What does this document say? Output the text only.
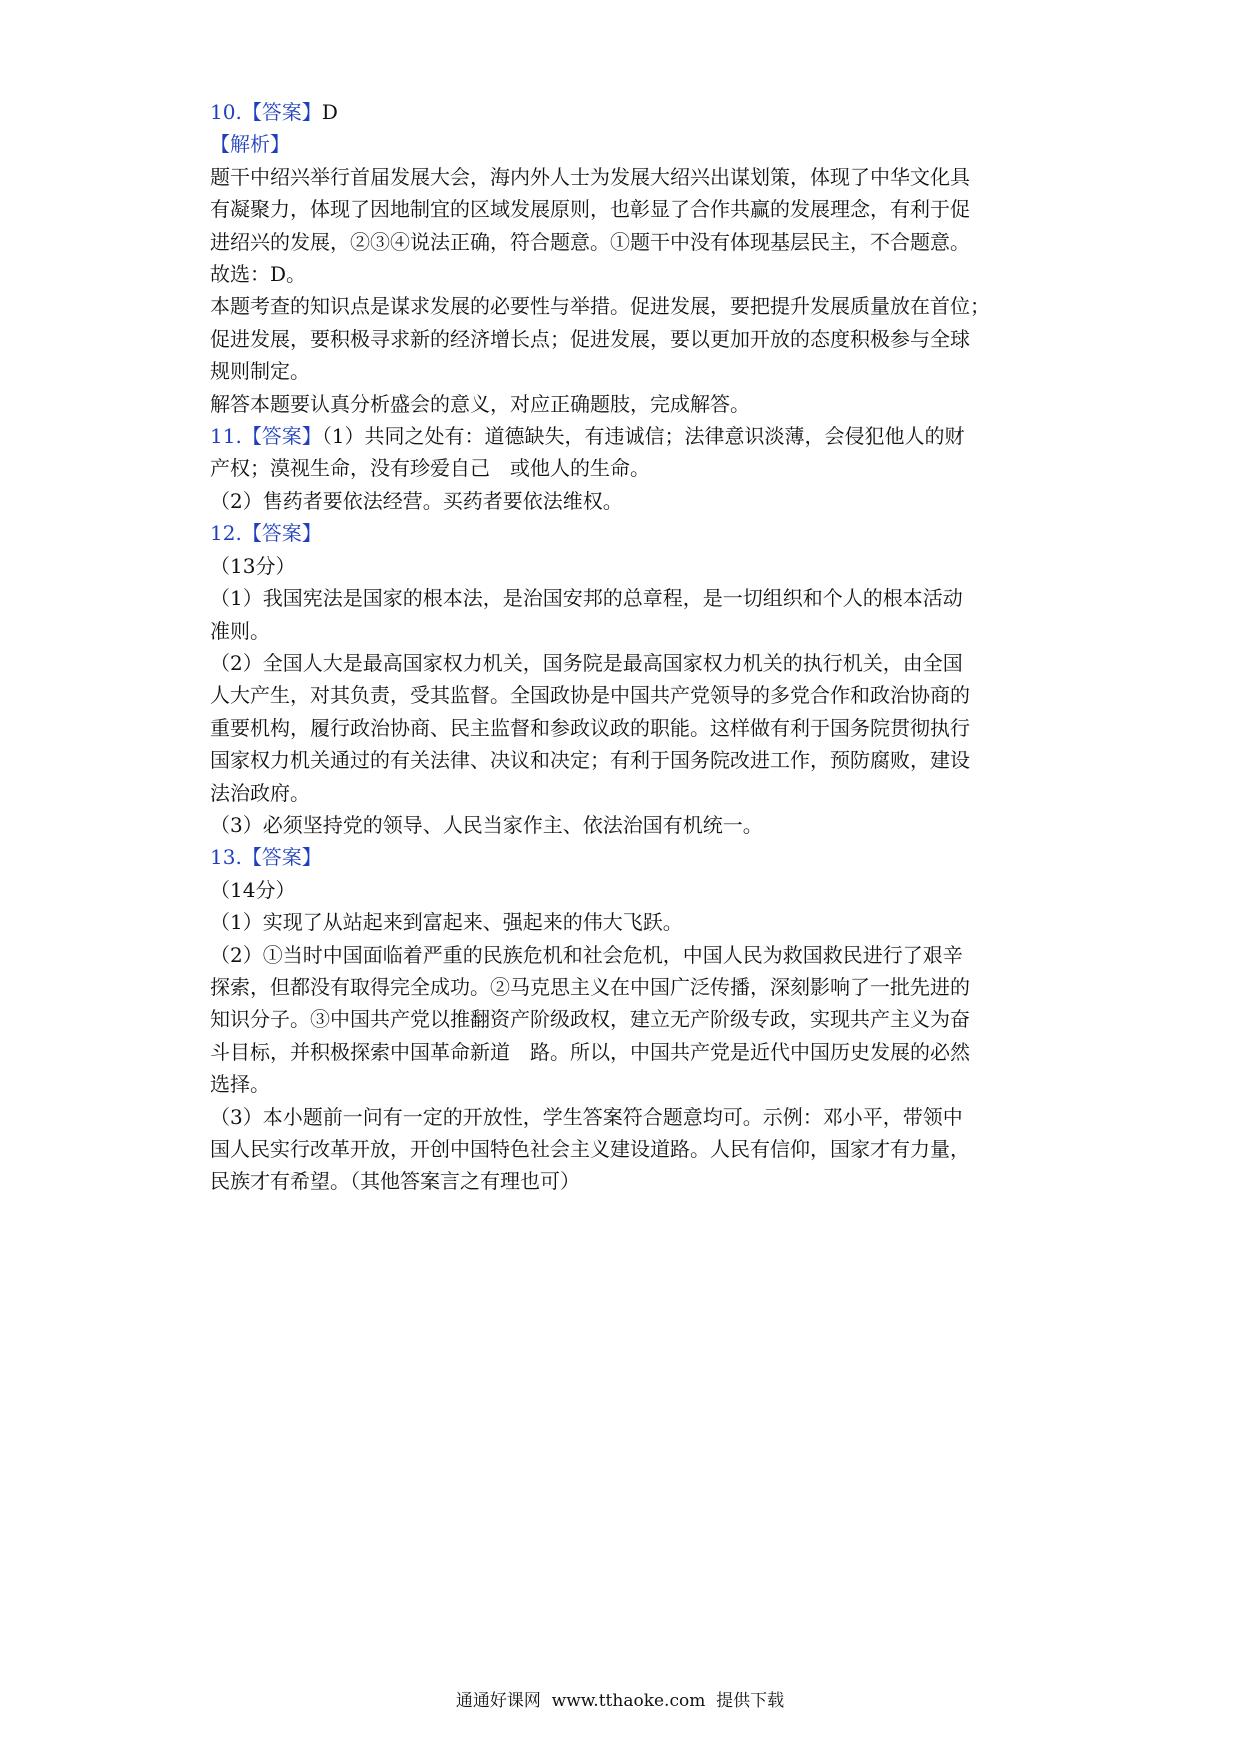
10.【答案】D

【解析】

题干中绍兴举行首届发展大会，海内外人士为发展大绍兴出谋划策，体现了中华文化具

有凝聚力，体现了因地制宜的区域发展原则，也彰显了合作共赢的发展理念，有利于促

进绍兴的发展，②③④说法正确，符合题意。①题干中没有体现基层民主，不合题意。

故选：D。

本题考查的知识点是谋求发展的必要性与举措。促进发展，要把提升发展质量放在首位；

促进发展，要积极寻求新的经济增长点；促进发展，要以更加开放的态度积极参与全球

规则制定。

解答本题要认真分析盛会的意义，对应正确题肢，完成解答。

11.【答案】（1）共同之处有：道德缺失，有违诚信；法律意识淡薄，会侵犯他人的财

产权；漠视生命，没有珍爱自己　或他人的生命。

（2）售药者要依法经营。买药者要依法维权。

12.【答案】

（13分）

（1）我国宪法是国家的根本法，是治国安邦的总章程，是一切组织和个人的根本活动

准则。

（2）全国人大是最高国家权力机关，国务院是最高国家权力机关的执行机关，由全国

人大产生，对其负责，受其监督。全国政协是中国共产党领导的多党合作和政治协商的

重要机构，履行政治协商、民主监督和参政议政的职能。这样做有利于国务院贯彻执行

国家权力机关通过的有关法律、决议和决定；有利于国务院改进工作，预防腐败，建设

法治政府。

（3）必须坚持党的领导、人民当家作主、依法治国有机统一。

13.【答案】

（14分）

（1）实现了从站起来到富起来、强起来的伟大飞跃。

（2）①当时中国面临着严重的民族危机和社会危机，中国人民为救国救民进行了艰辛

探索，但都没有取得完全成功。②马克思主义在中国广泛传播，深刻影响了一批先进的

知识分子。③中国共产党以推翻资产阶级政权，建立无产阶级专政，实现共产主义为奋

斗目标，并积极探索中国革命新道　路。所以，中国共产党是近代中国历史发展的必然

选择。

（3）本小题前一问有一定的开放性，学生答案符合题意均可。示例：邓小平，带领中

国人民实行改革开放，开创中国特色社会主义建设道路。人民有信仰，国家才有力量，

民族才有希望。（其他答案言之有理也可）

通通好课网  www.tthaoke.com  提供下载
